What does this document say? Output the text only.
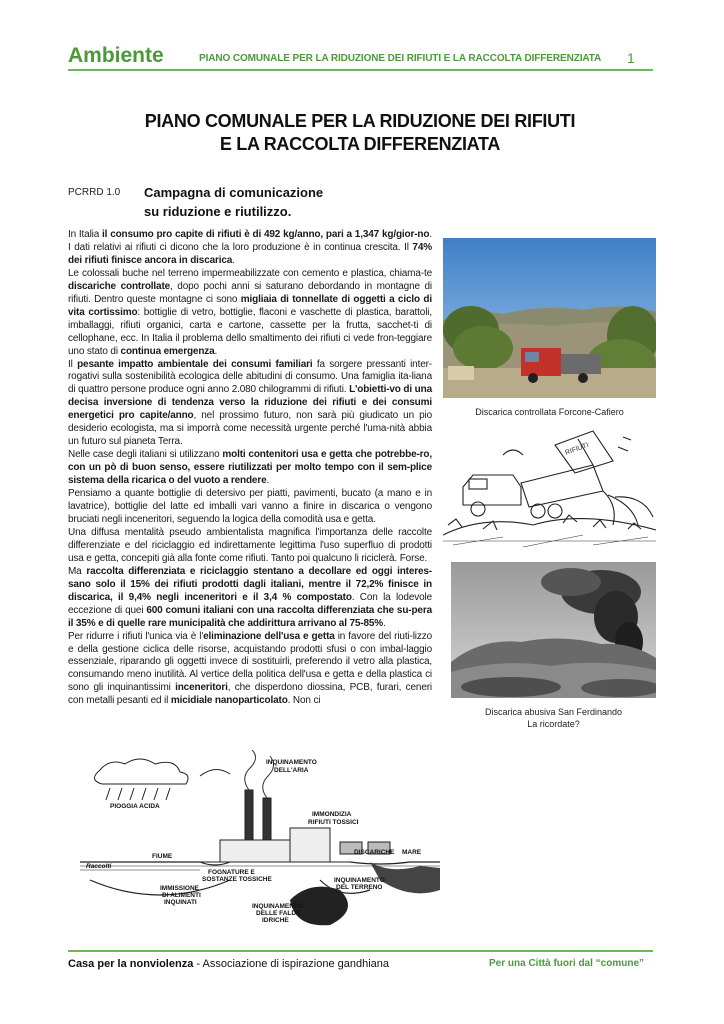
Ambiente	PIANO COMUNALE PER LA RIDUZIONE DEI RIFIUTI E LA RACCOLTA DIFFERENZIATA 1
PIANO COMUNALE PER LA RIDUZIONE DEI RIFIUTI
E LA RACCOLTA DIFFERENZIATA
PCRRD 1.0 Campagna di comunicazione
su riduzione e riutilizzo.

In Italia il consumo pro capite di rifiuti è di 492 kg/anno, pari a 1,347 kg/gior-no. I dati relativi ai rifiuti ci dicono che la loro produzione è in continua crescita. Il 74% dei rifiuti finisce ancora in discarica.

Le colossali buche nel terreno impermeabilizzate con cemento e plastica, chiama-te discariche controllate, dopo pochi anni si saturano debordando in montagne di rifiuti. Dentro queste montagne ci sono migliaia di tonnellate di oggetti a ciclo di vita cortissimo: bottiglie di vetro, bottiglie, flaconi e vaschette di plastica, barattoli, imballaggi, rifiuti organici, carta e cartone, cassette per la frutta, sacchet-ti di cellophane, ecc. In Italia il problema dello smaltimento dei rifiuti ci vede fron-teggiare uno stato di continua emergenza.

Il pesante impatto ambientale dei consumi familiari fa sorgere pressanti inter-rogativi sulla sostenibilità ecologica delle abitudini di consumo. Una famiglia ita-liana di quattro persone produce ogni anno 2.080 chilogrammi di rifiuti. L'obietti-vo di una decisa inversione di tendenza verso la riduzione dei rifiuti e dei consumi energetici pro capite/anno, nel prossimo futuro, non sarà più giudicato un pio desiderio ecologista, ma si imporrà come necessità urgente perché l'uma-nità abbia un futuro sul pianeta Terra.

Nelle case degli italiani si utilizzano molti contenitori usa e getta che potrebbe-ro, con un pò di buon senso, essere riutilizzati per molto tempo con il sem-plice sistema della ricarica o del vuoto a rendere.

Pensiamo a quante bottiglie di detersivo per piatti, pavimenti, bucato (a mano e in lavatrice), bottiglie del latte ed imballi vari vanno a finire in discarica o vengono bruciati negli inceneritori, seguendo la logica della comodità usa e getta.

Una diffusa mentalità pseudo ambientalista magnifica l'importanza delle raccolte differenziate e del riciclaggio ed indirettamente legittima l'uso superfluo di prodotti usa e getta, concepiti già alla fonte come rifiuti. Tanto poi qualcuno li riciclerà. Forse.

Ma raccolta differenziata e riciclaggio stentano a decollare ed oggi interes-sano solo il 15% dei rifiuti prodotti dagli italiani, mentre il 72,2% finisce in discarica, il 9,4% negli inceneritori e il 3,4 % compostato. Con la lodevole eccezione di quei 600 comuni italiani con una raccolta differenziata che su-pera il 35% e di quelle rare municipalità che addirittura arrivano al 75-85%.

Per ridurre i rifiuti l'unica via è l'eliminazione dell'usa e getta in favore del riuti-lizzo e della gestione ciclica delle risorse, acquistando prodotti sfusi o con imbal-laggio essenziale, riparando gli oggetti invece di sostituirli, preferendo il vetro alla plastica, consumando meno inutilità. Al vertice della politica dell'usa e getta e della plastica ci sono gli inquinantissimi inceneritori, che disperdono diossina, PCB, furari, ceneri con metalli pesanti ed il micidiale nanoparticolato. Non ci

Discarica controllata Forcone-Cafiero
RIFIUTI
Discarica abusiva San Ferdinando
La ricordate?
INQUINAMENTO
DELL'ARIA
PIOGGIA ACIDA
IMMONDIZIA
RIFIUTI TOSSICI
FIUME
FOGNATURE E
SOSTANZE TOSSICHE
DISCARICHE MARE
Raccolti
IMMISSIONE
DI ALIMENTI
INQUINATI
INQUINAMENTO
DEL TERRENO
INQUINAMENTO
DELLE FALDE
IDRICHE
Casa per la nonviolenza - Associazione di ispirazione gandhiana	Per una Città fuori dal “comune”
